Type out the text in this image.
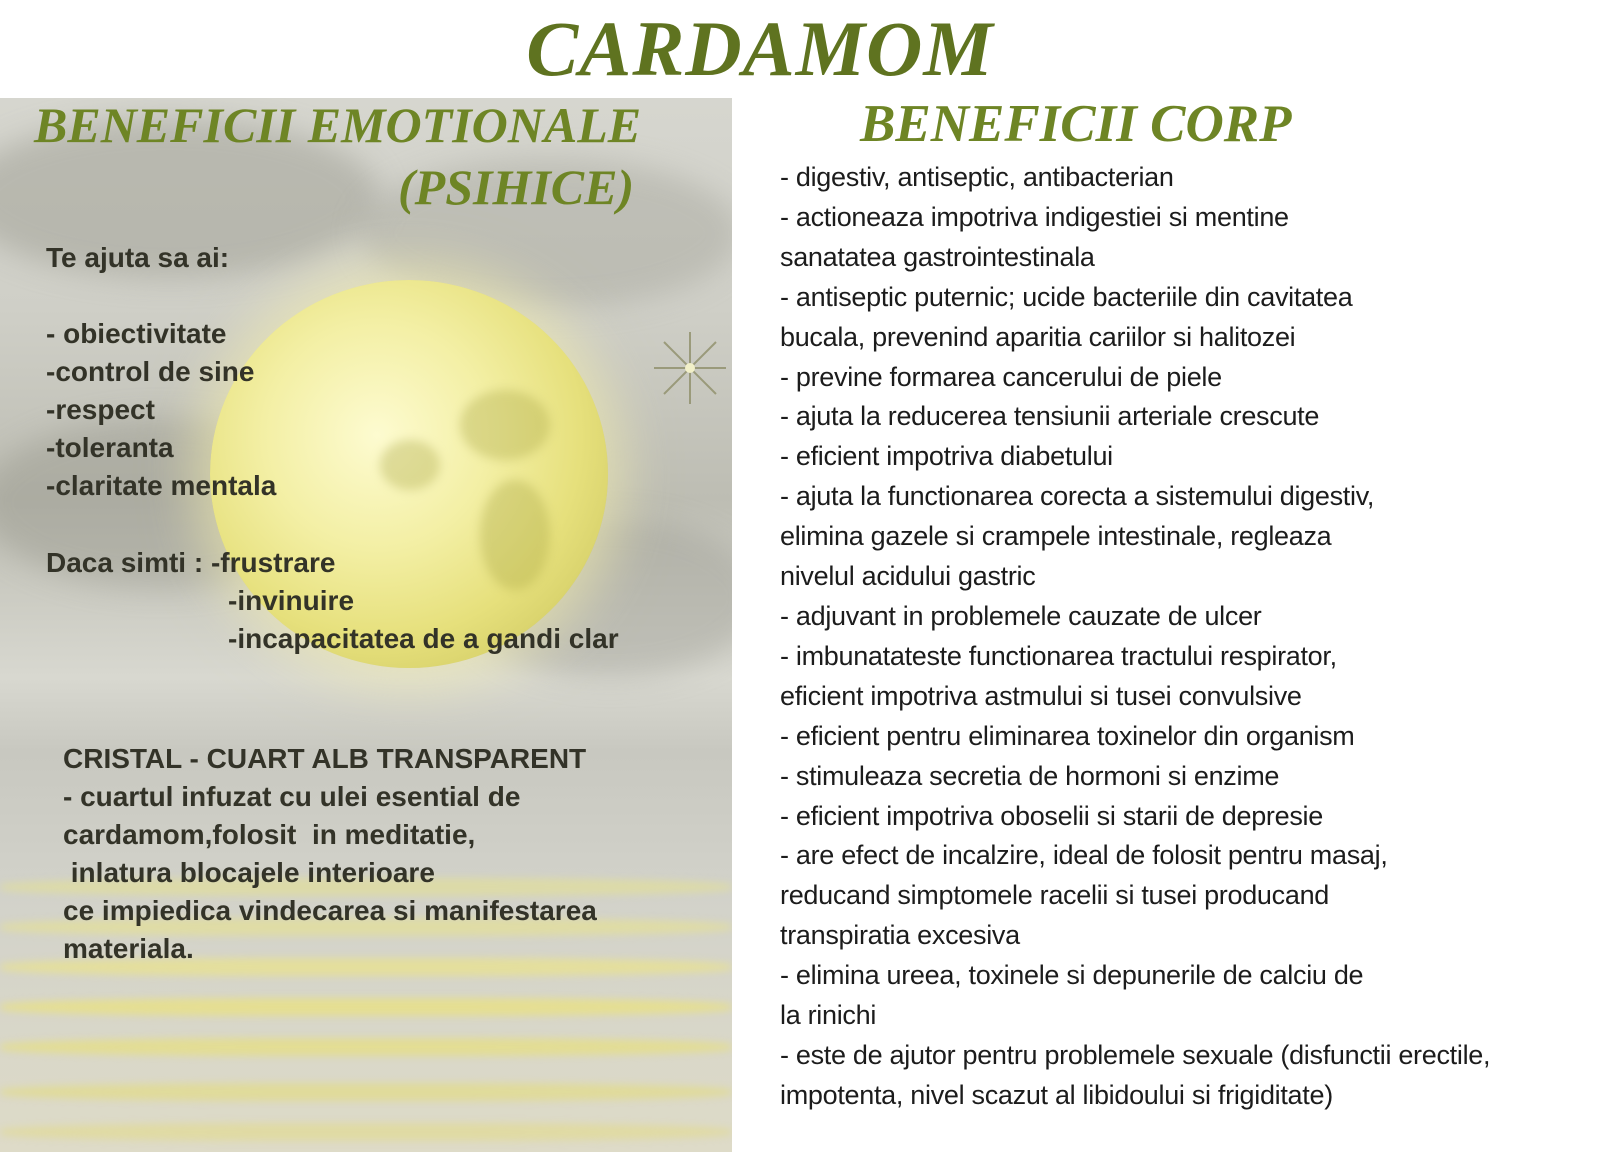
CARDAMOM
BENEFICII EMOTIONALE
(PSIHICE)

Te ajuta sa ai:

- obiectivitate

-control de sine

-respect

-toleranta

-claritate mentala

Daca simti : -frustrare

-invinuire

-incapacitatea de a gandi clar

CRISTAL - CUART ALB TRANSPARENT

- cuartul infuzat cu ulei esential de

cardamom,folosit  in meditatie,

inlatura blocajele interioare

ce impiedica vindecarea si manifestarea

materiala.

BENEFICII CORP
- digestiv, antiseptic, antibacterian
- actioneaza impotriva indigestiei si mentine
sanatatea gastrointestinala
- antiseptic puternic; ucide bacteriile din cavitatea
bucala, prevenind aparitia cariilor si halitozei
- previne formarea cancerului de piele
- ajuta la reducerea tensiunii arteriale crescute
- eficient impotriva diabetului
- ajuta la functionarea corecta a sistemului digestiv,
elimina gazele si crampele intestinale, regleaza
nivelul acidului gastric
- adjuvant in problemele cauzate de ulcer
- imbunatateste functionarea tractului respirator,
eficient impotriva astmului si tusei convulsive
- eficient pentru eliminarea toxinelor din organism
- stimuleaza secretia de hormoni si enzime
- eficient impotriva oboselii si starii de depresie
- are efect de incalzire, ideal de folosit pentru masaj,
reducand simptomele racelii si tusei producand
transpiratia excesiva
- elimina ureea, toxinele si depunerile de calciu de
la rinichi
- este de ajutor pentru problemele sexuale (disfunctii erectile,
impotenta, nivel scazut al libidoului si frigiditate)
